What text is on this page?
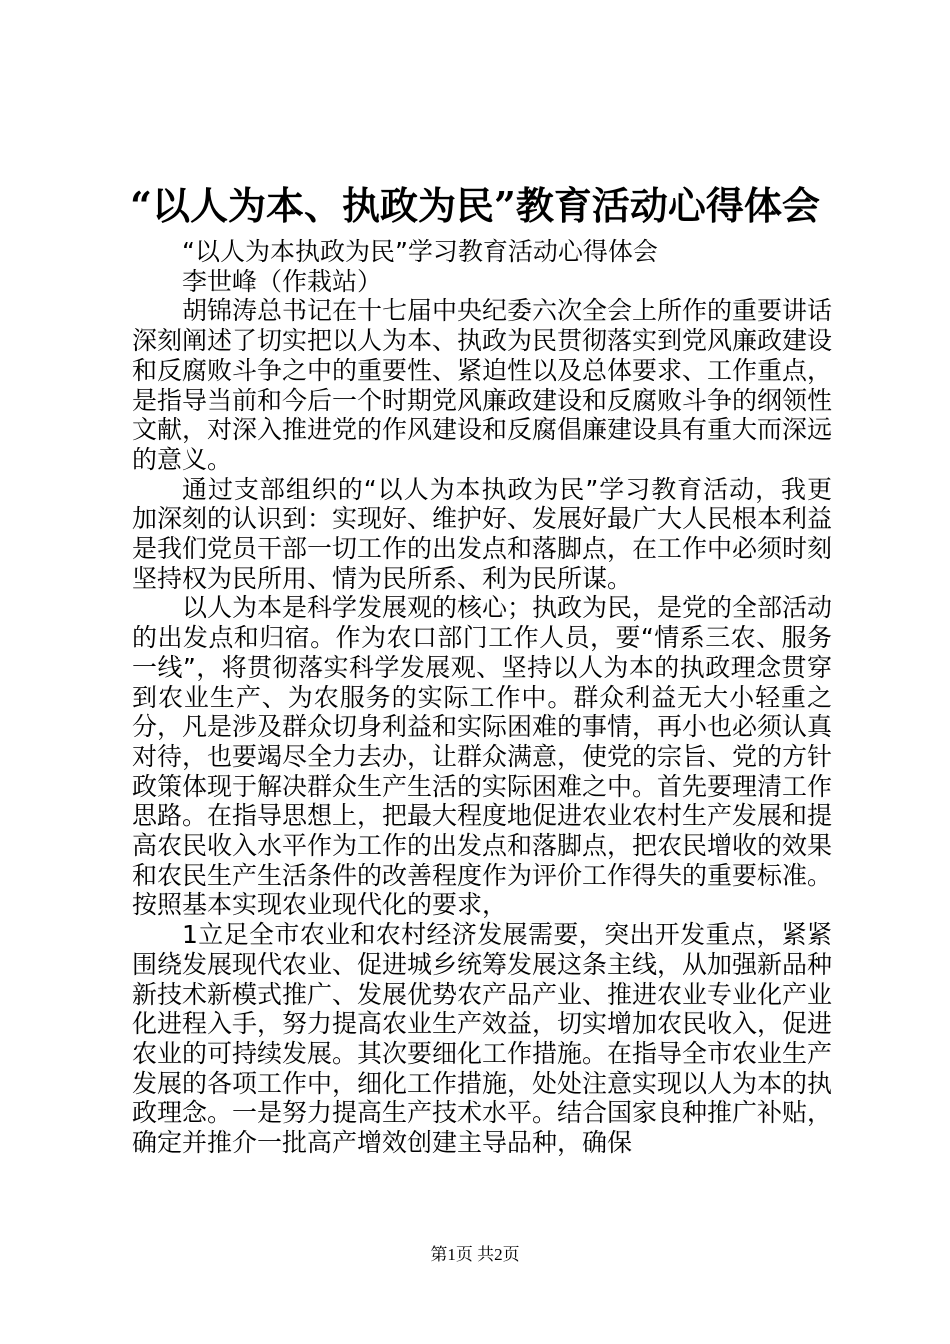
“以人为本、执政为民”教育活动心得体会

“以人为本执政为民”学习教育活动心得体会

李世峰（作栽站）

胡锦涛总书记在十七届中央纪委六次全会上所作的重要讲话深刻阐述了切实把以人为本、执政为民贯彻落实到党风廉政建设和反腐败斗争之中的重要性、紧迫性以及总体要求、工作重点，是指导当前和今后一个时期党风廉政建设和反腐败斗争的纲领性文献，对深入推进党的作风建设和反腐倡廉建设具有重大而深远的意义。

通过支部组织的“以人为本执政为民”学习教育活动，我更加深刻的认识到：实现好、维护好、发展好最广大人民根本利益是我们党员干部一切工作的出发点和落脚点，在工作中必须时刻坚持权为民所用、情为民所系、利为民所谋。

以人为本是科学发展观的核心；执政为民，是党的全部活动的出发点和归宿。作为农口部门工作人员，要“情系三农、服务一线”，将贯彻落实科学发展观、坚持以人为本的执政理念贯穿到农业生产、为农服务的实际工作中。群众利益无大小轻重之分，凡是涉及群众切身利益和实际困难的事情，再小也必须认真对待，也要竭尽全力去办，让群众满意，使党的宗旨、党的方针政策体现于解决群众生产生活的实际困难之中。首先要理清工作思路。在指导思想上，把最大程度地促进农业农村生产发展和提高农民收入水平作为工作的出发点和落脚点，把农民增收的效果和农民生产生活条件的改善程度作为评价工作得失的重要标准。按照基本实现农业现代化的要求，

1立足全市农业和农村经济发展需要，突出开发重点，紧紧围绕发展现代农业、促进城乡统筹发展这条主线，从加强新品种新技术新模式推广、发展优势农产品产业、推进农业专业化产业化进程入手，努力提高农业生产效益，切实增加农民收入，促进农业的可持续发展。其次要细化工作措施。在指导全市农业生产发展的各项工作中，细化工作措施，处处注意实现以人为本的执政理念。一是努力提高生产技术水平。结合国家良种推广补贴，确定并推介一批高产增效创建主导品种，确保

第1页 共2页
